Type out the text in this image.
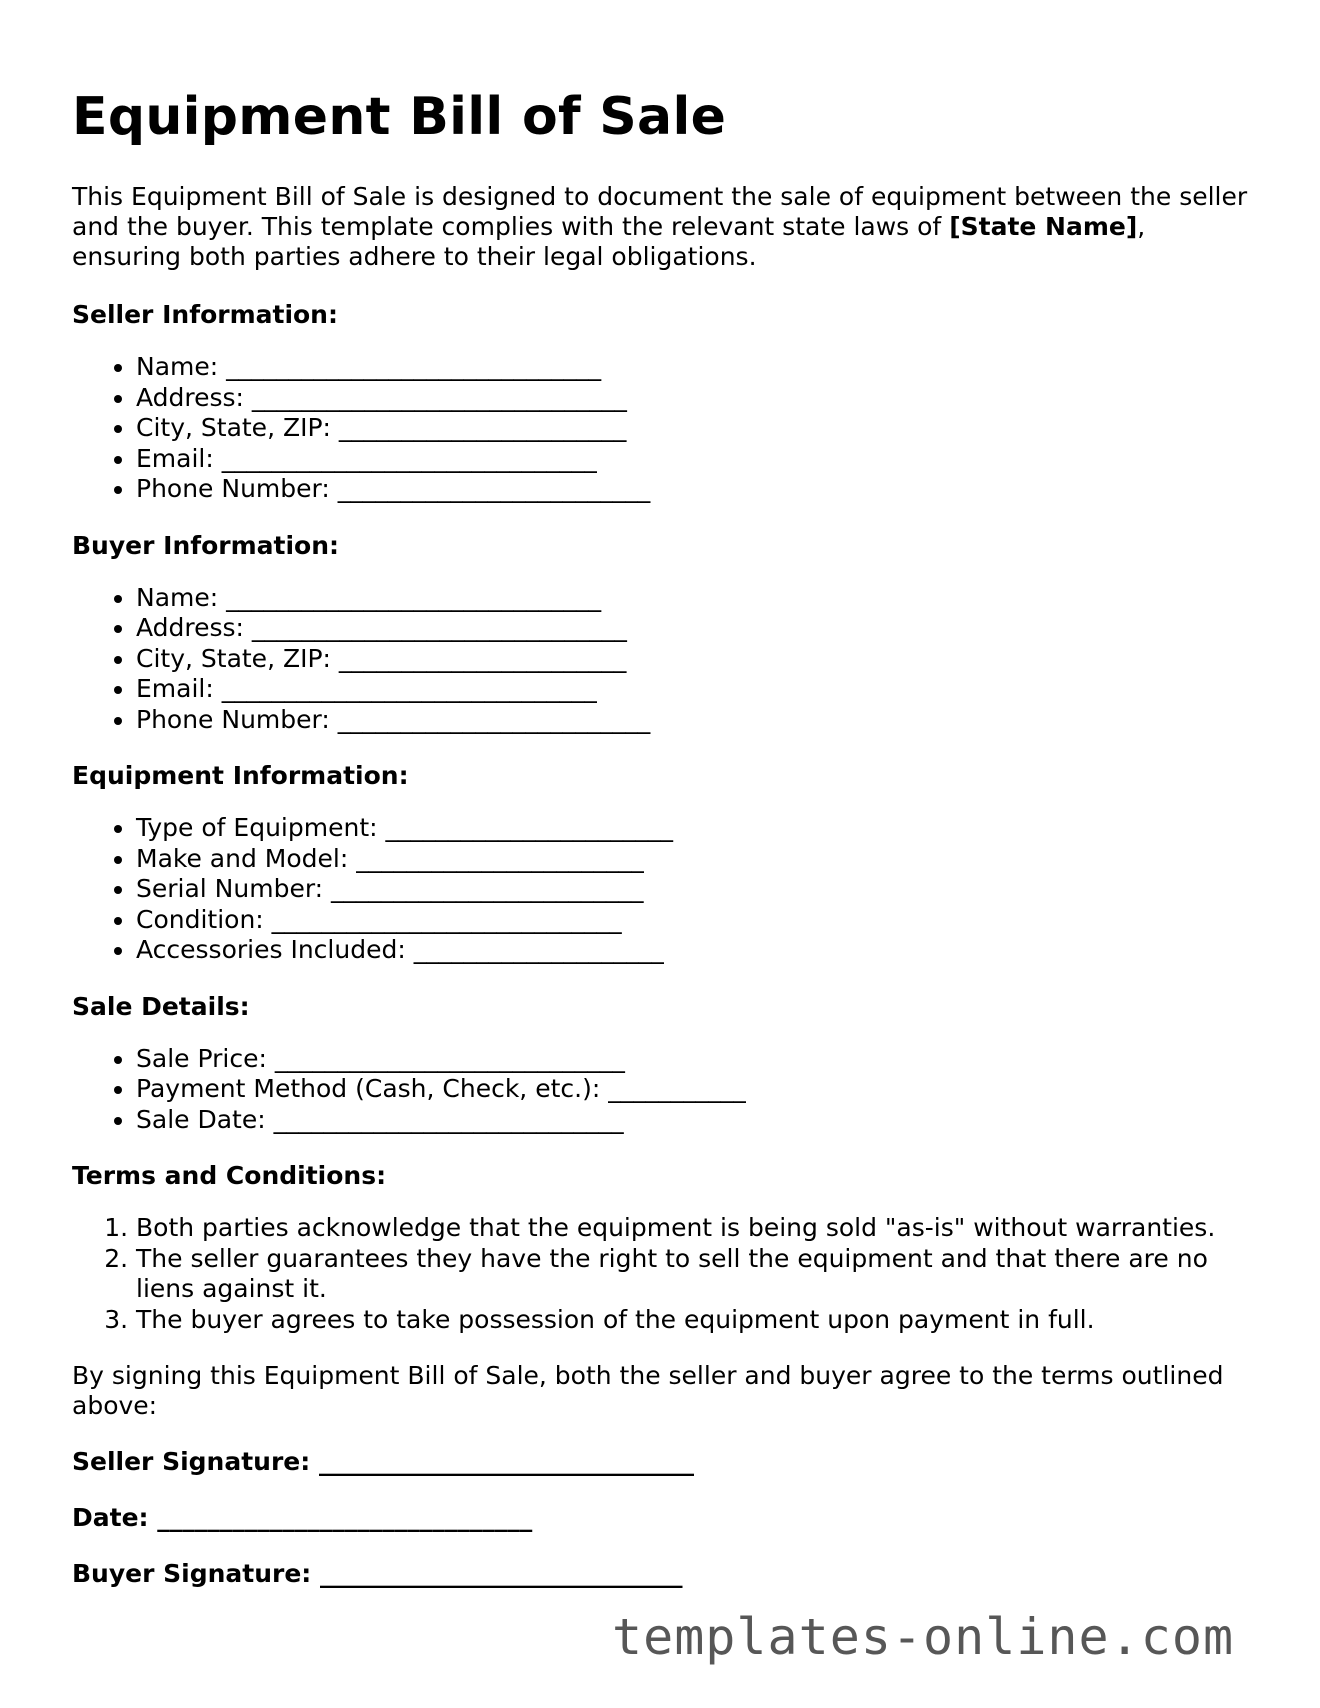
Equipment Bill of Sale

This Equipment Bill of Sale is designed to document the sale of equipment between the seller and the buyer. This template complies with the relevant state laws of [State Name], ensuring both parties adhere to their legal obligations.

Seller Information:
• Name: ______________________________
• Address: ______________________________
• City, State, ZIP: _______________________
• Email: ______________________________
• Phone Number: _________________________
Buyer Information:
• Name: ______________________________
• Address: ______________________________
• City, State, ZIP: _______________________
• Email: ______________________________
• Phone Number: _________________________
Equipment Information:
• Type of Equipment: _______________________
• Make and Model: _______________________
• Serial Number: _________________________
• Condition: ____________________________
• Accessories Included: ____________________
Sale Details:
• Sale Price: ____________________________
• Payment Method (Cash, Check, etc.): ___________
• Sale Date: ____________________________
Terms and Conditions:
1. Both parties acknowledge that the equipment is being sold "as-is" without warranties.
2. The seller guarantees they have the right to sell the equipment and that there are no liens against it.
3. The buyer agrees to take possession of the equipment upon payment in full.

By signing this Equipment Bill of Sale, both the seller and buyer agree to the terms outlined above:

Seller Signature: ______________________________
Date: ______________________________
Buyer Signature: _____________________________
templates-online.com
